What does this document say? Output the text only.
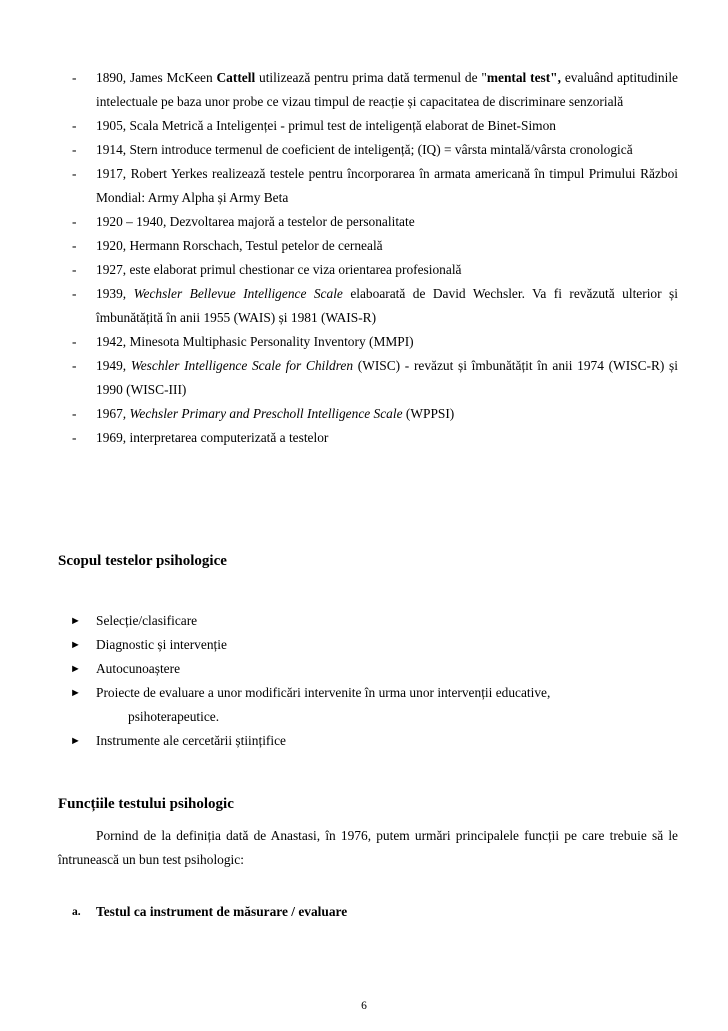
- 1890, James McKeen Cattell utilizează pentru prima dată termenul de "mental test", evaluând aptitudinile intelectuale pe baza unor probe ce vizau timpul de reacție și capacitatea de discriminare senzorială
- 1905, Scala Metrică a Inteligenței - primul test de inteligență elaborat de Binet-Simon
- 1914, Stern introduce termenul de coeficient de inteligență; (IQ) = vârsta mintală/vârsta cronologică
- 1917, Robert Yerkes realizează testele pentru încorporarea în armata americană în timpul Primului Război Mondial: Army Alpha și Army Beta
- 1920 – 1940, Dezvoltarea majoră a testelor de personalitate
- 1920, Hermann Rorschach, Testul petelor de cerneală
- 1927, este elaborat primul chestionar ce viza orientarea profesională
- 1939, Wechsler Bellevue Intelligence Scale elaboarată de David Wechsler. Va fi revăzută ulterior și îmbunătățită în anii 1955 (WAIS) și 1981 (WAIS-R)
- 1942, Minesota Multiphasic Personality Inventory (MMPI)
- 1949, Weschler Intelligence Scale for Children (WISC) - revăzut și îmbunătățit în anii 1974 (WISC-R) și 1990 (WISC-III)
- 1967, Wechsler Primary and Prescholl Intelligence Scale (WPPSI)
- 1969, interpretarea computerizată a testelor
Scopul testelor psihologice
► Selecție/clasificare
► Diagnostic și intervenție
► Autocunoaștere
► Proiecte de evaluare a unor modificări intervenite în urma unor intervenții educative,
psihoterapeutice.
► Instrumente ale cercetării științifice
Funcțiile testului psihologic

Pornind de la definiția dată de Anastasi, în 1976, putem urmări principalele funcții pe care trebuie să le întrunească un bun test psihologic:

a. Testul ca instrument de măsurare / evaluare
6
